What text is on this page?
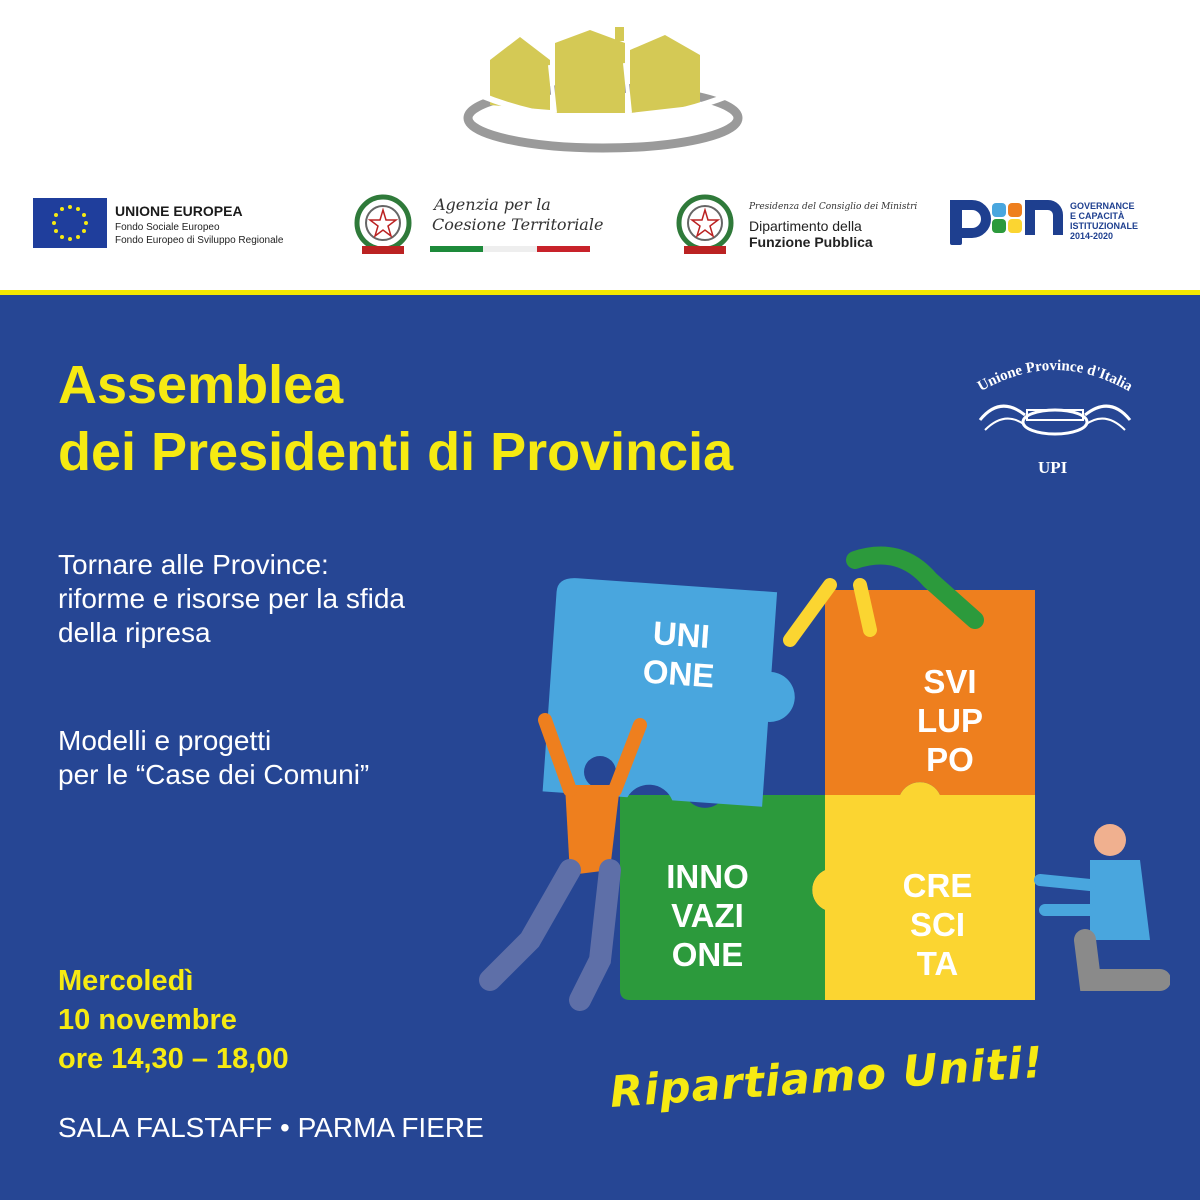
UNIONE EUROPEA
Fondo Sociale Europeo
Fondo Europeo di Sviluppo Regionale
Agenzia per la
Coesione Territoriale
Presidenza del Consiglio dei Ministri
Dipartimento della
Funzione Pubblica
GOVERNANCE
E CAPACITÀ
ISTITUZIONALE
2014-2020
Assemblea
dei Presidenti di Provincia
Unione Province d'Italia
UPI
Tornare alle Province:
riforme e risorse per la sfida
della ripresa
Modelli e progetti
per le “Case dei Comuni”
UNI
ONE	SVI
LUP
PO
INNO
VAZI
ONE
CRE
SCI
TA
Mercoledì
10 novembre
ore 14,30 – 18,00
SALA FALSTAFF • PARMA FIERE
Ripartiamo Uniti!
